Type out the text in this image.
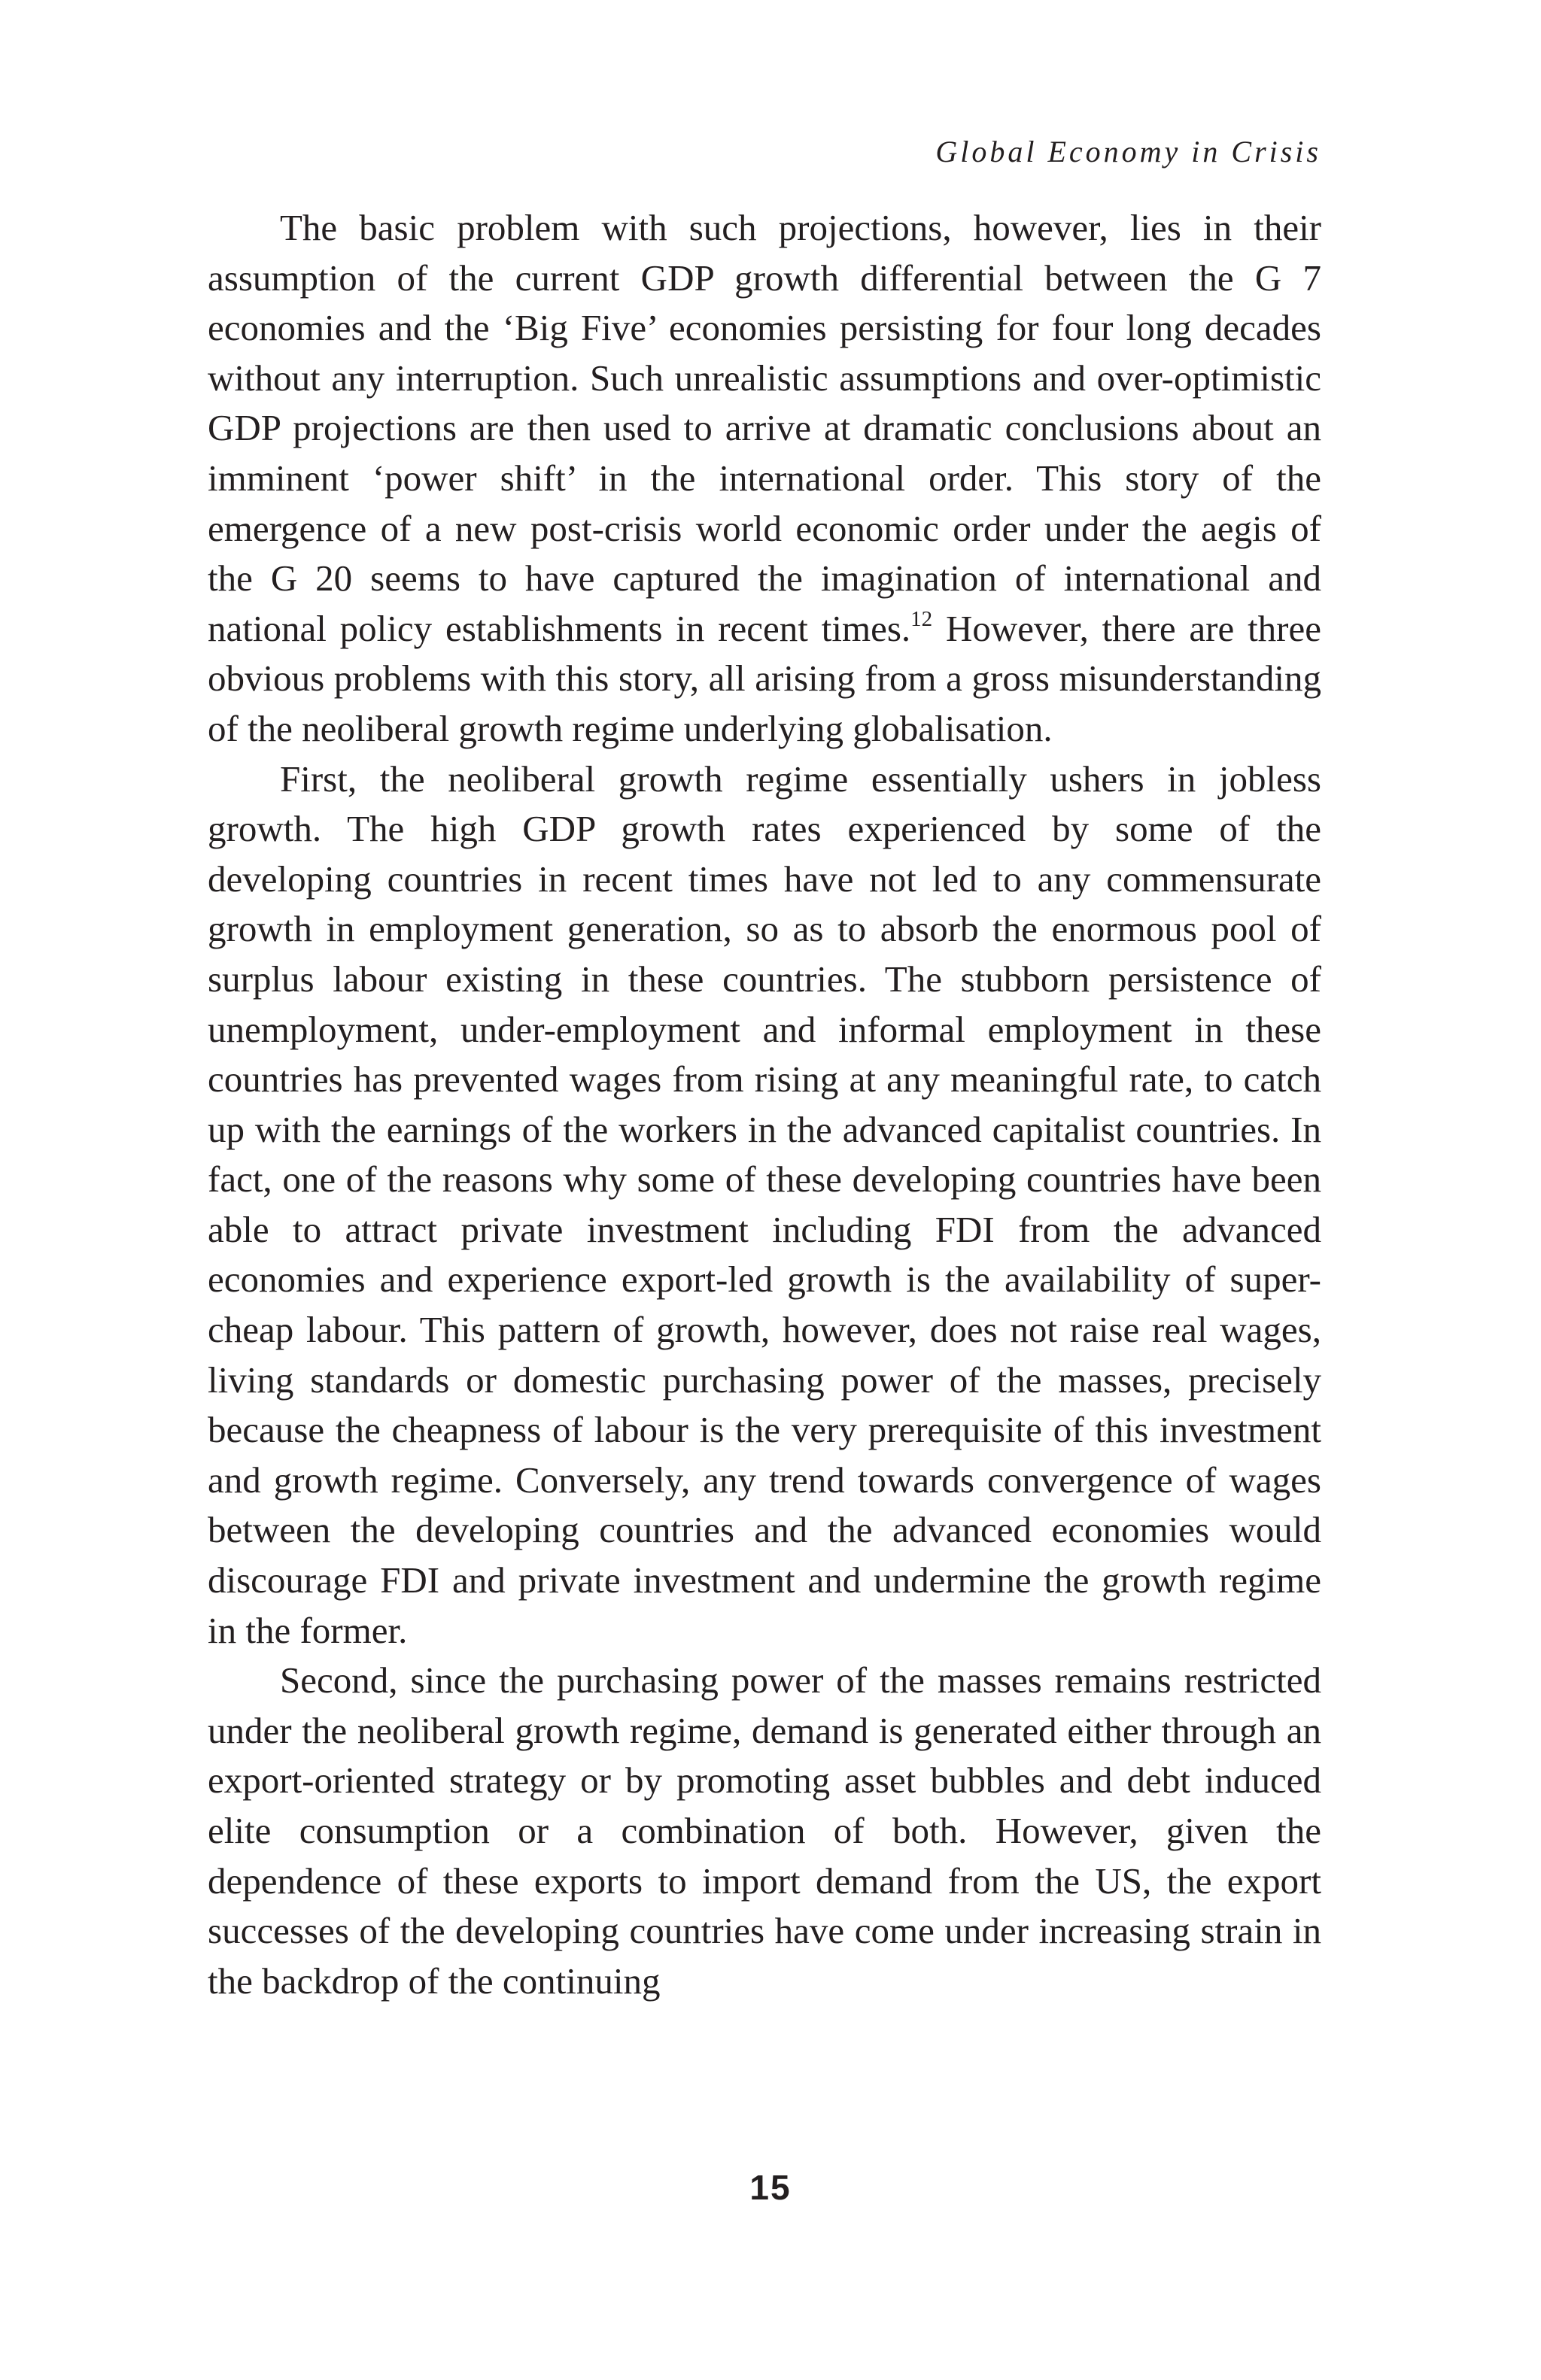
Global Economy in Crisis

The basic problem with such projections, however, lies in their assumption of the current GDP growth differential between the G 7 economies and the ‘Big Five’ economies persisting for four long decades without any interruption. Such unrealistic assumptions and over-optimistic GDP projections are then used to arrive at dramatic conclusions about an imminent ‘power shift’ in the international order. This story of the emergence of a new post-crisis world economic order under the aegis of the G 20 seems to have captured the imagination of international and national policy establishments in recent times.$^{12}$ However, there are three obvious problems with this story, all arising from a gross misunderstanding of the neoliberal growth regime underlying globalisation.

First, the neoliberal growth regime essentially ushers in jobless growth. The high GDP growth rates experienced by some of the developing countries in recent times have not led to any commensurate growth in employment generation, so as to absorb the enormous pool of surplus labour existing in these countries. The stubborn persistence of unemployment, under-employment and informal employment in these countries has prevented wages from rising at any meaningful rate, to catch up with the earnings of the workers in the advanced capitalist countries. In fact, one of the reasons why some of these developing countries have been able to attract private investment including FDI from the advanced economies and experience export-led growth is the availability of super-cheap labour. This pattern of growth, however, does not raise real wages, living standards or domestic purchasing power of the masses, precisely because the cheapness of labour is the very prerequisite of this investment and growth regime. Conversely, any trend towards convergence of wages between the developing countries and the advanced economies would discourage FDI and private investment and undermine the growth regime in the former.

Second, since the purchasing power of the masses remains restricted under the neoliberal growth regime, demand is generated either through an export-oriented strategy or by promoting asset bubbles and debt induced elite consumption or a combination of both. However, given the dependence of these exports to import demand from the US, the export successes of the developing countries have come under increasing strain in the backdrop of the continuing

15
